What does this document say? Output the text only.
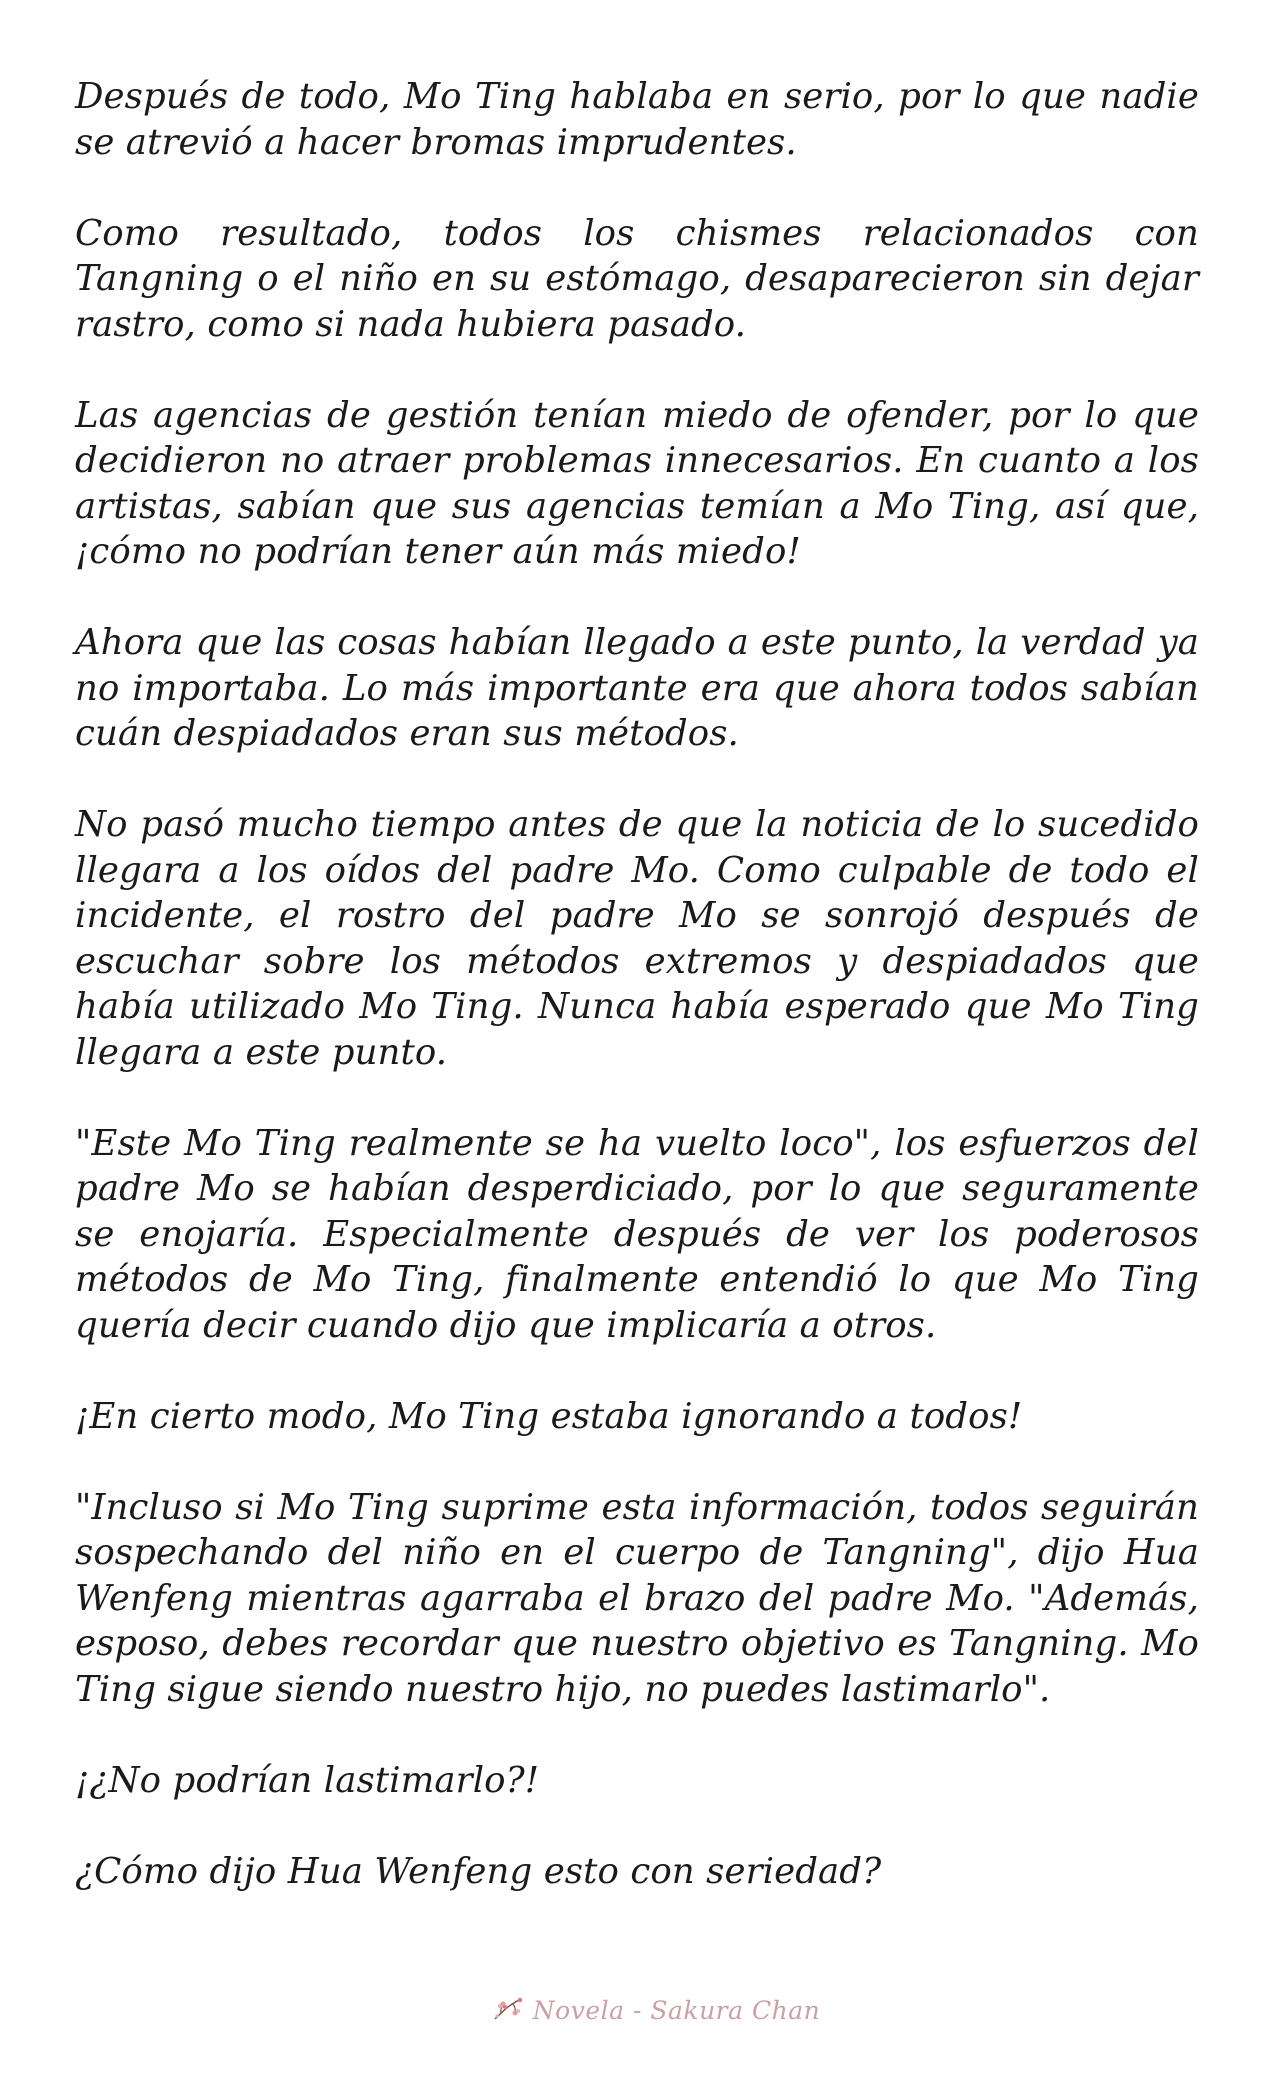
Después de todo, Mo Ting hablaba en serio, por lo que nadie se atrevió a hacer bromas imprudentes.

Como resultado, todos los chismes relacionados con Tangning o el niño en su estómago, desaparecieron sin dejar rastro, como si nada hubiera pasado.

Las agencias de gestión tenían miedo de ofender, por lo que decidieron no atraer problemas innecesarios. En cuanto a los artistas, sabían que sus agencias temían a Mo Ting, así que, ¡cómo no podrían tener aún más miedo!

Ahora que las cosas habían llegado a este punto, la verdad ya no importaba. Lo más importante era que ahora todos sabían cuán despiadados eran sus métodos.

No pasó mucho tiempo antes de que la noticia de lo sucedido llegara a los oídos del padre Mo. Como culpable de todo el incidente, el rostro del padre Mo se sonrojó después de escuchar sobre los métodos extremos y despiadados que había utilizado Mo Ting. Nunca había esperado que Mo Ting llegara a este punto.

"Este Mo Ting realmente se ha vuelto loco", los esfuerzos del padre Mo se habían desperdiciado, por lo que seguramente se enojaría. Especialmente después de ver los poderosos métodos de Mo Ting, finalmente entendió lo que Mo Ting quería decir cuando dijo que implicaría a otros.

¡En cierto modo, Mo Ting estaba ignorando a todos!

"Incluso si Mo Ting suprime esta información, todos seguirán sospechando del niño en el cuerpo de Tangning", dijo Hua Wenfeng mientras agarraba el brazo del padre Mo. "Además, esposo, debes recordar que nuestro objetivo es Tangning. Mo Ting sigue siendo nuestro hijo, no puedes lastimarlo".

¡¿No podrían lastimarlo?!

¿Cómo dijo Hua Wenfeng esto con seriedad?

Novela - Sakura Chan
